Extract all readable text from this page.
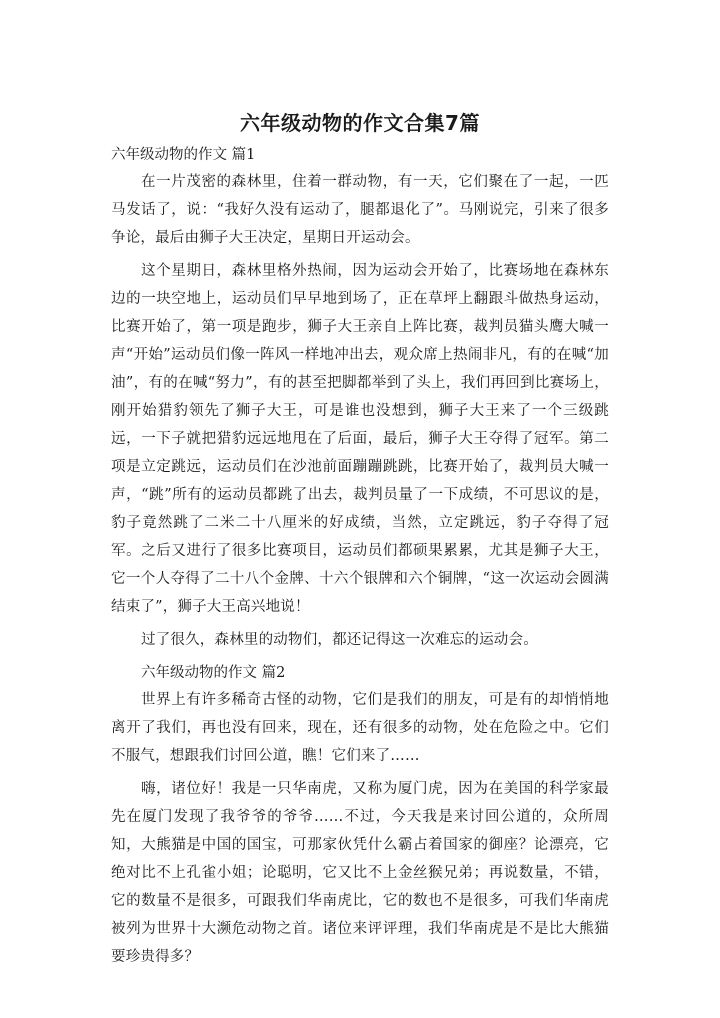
六年级动物的作文合集7篇
六年级动物的作文 篇1

在一片茂密的森林里，住着一群动物，有一天，它们聚在了一起，一匹马发话了，说：“我好久没有运动了，腿都退化了”。马刚说完，引来了很多争论，最后由狮子大王决定，星期日开运动会。

这个星期日，森林里格外热闹，因为运动会开始了，比赛场地在森林东边的一块空地上，运动员们早早地到场了，正在草坪上翻跟斗做热身运动，比赛开始了，第一项是跑步，狮子大王亲自上阵比赛，裁判员猫头鹰大喊一声“开始”运动员们像一阵风一样地冲出去，观众席上热闹非凡，有的在喊“加油”，有的在喊“努力”，有的甚至把脚都举到了头上，我们再回到比赛场上，刚开始猎豹领先了狮子大王，可是谁也没想到，狮子大王来了一个三级跳远，一下子就把猎豹远远地甩在了后面，最后，狮子大王夺得了冠军。第二项是立定跳远，运动员们在沙池前面蹦蹦跳跳，比赛开始了，裁判员大喊一声，“跳”所有的运动员都跳了出去，裁判员量了一下成绩，不可思议的是，豹子竟然跳了二米二十八厘米的好成绩，当然，立定跳远，豹子夺得了冠军。之后又进行了很多比赛项目，运动员们都硕果累累，尤其是狮子大王，它一个人夺得了二十八个金牌、十六个银牌和六个铜牌，“这一次运动会圆满结束了”，狮子大王高兴地说！

过了很久，森林里的动物们，都还记得这一次难忘的运动会。

六年级动物的作文 篇2

世界上有许多稀奇古怪的动物，它们是我们的朋友，可是有的却悄悄地离开了我们，再也没有回来，现在，还有很多的动物，处在危险之中。它们不服气，想跟我们讨回公道，瞧！它们来了……

嗨，诸位好！我是一只华南虎，又称为厦门虎，因为在美国的科学家最先在厦门发现了我爷爷的爷爷……不过，今天我是来讨回公道的，众所周知，大熊猫是中国的国宝，可那家伙凭什么霸占着国家的御座？论漂亮，它绝对比不上孔雀小姐；论聪明，它又比不上金丝猴兄弟；再说数量，不错，它的数量不是很多，可跟我们华南虎比，它的数也不是很多，可我们华南虎被列为世界十大濒危动物之首。诸位来评评理，我们华南虎是不是比大熊猫要珍贵得多？
